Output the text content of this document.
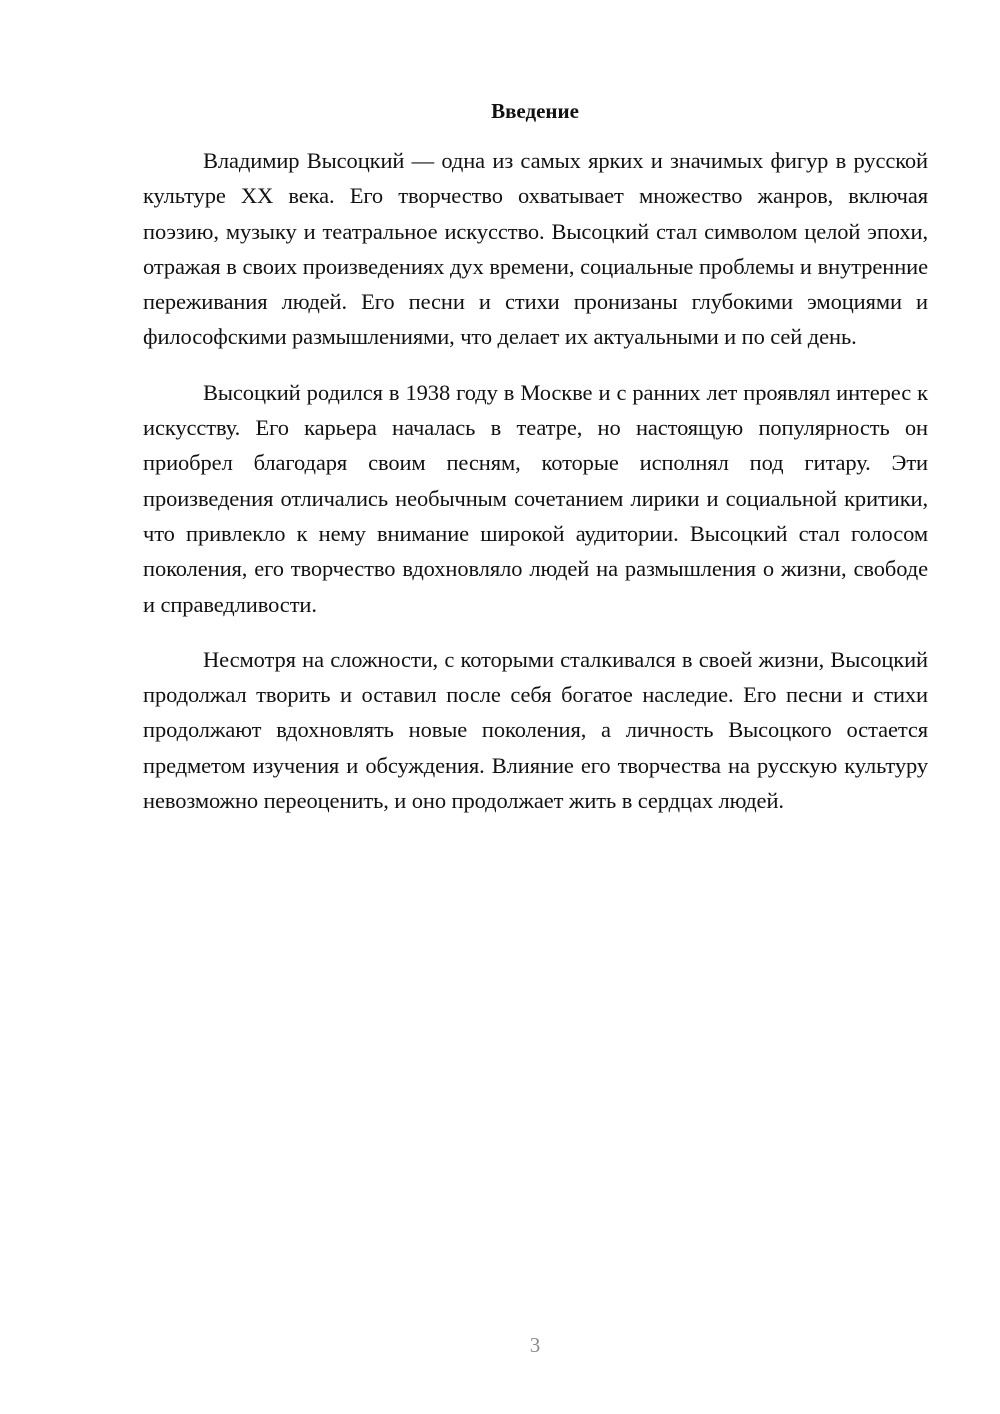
Введение

Владимир Высоцкий — одна из самых ярких и значимых фигур в русской культуре XX века. Его творчество охватывает множество жанров, включая поэзию, музыку и театральное искусство. Высоцкий стал символом целой эпохи, отражая в своих произведениях дух времени, социальные проблемы и внутренние переживания людей. Его песни и стихи пронизаны глубокими эмоциями и философскими размышлениями, что делает их актуальными и по сей день.

Высоцкий родился в 1938 году в Москве и с ранних лет проявлял интерес к искусству. Его карьера началась в театре, но настоящую популярность он приобрел благодаря своим песням, которые исполнял под гитару. Эти произведения отличались необычным сочетанием лирики и социальной критики, что привлекло к нему внимание широкой аудитории. Высоцкий стал голосом поколения, его творчество вдохновляло людей на размышления о жизни, свободе и справедливости.

Несмотря на сложности, с которыми сталкивался в своей жизни, Высоцкий продолжал творить и оставил после себя богатое наследие. Его песни и стихи продолжают вдохновлять новые поколения, а личность Высоцкого остается предметом изучения и обсуждения. Влияние его творчества на русскую культуру невозможно переоценить, и оно продолжает жить в сердцах людей.

3
